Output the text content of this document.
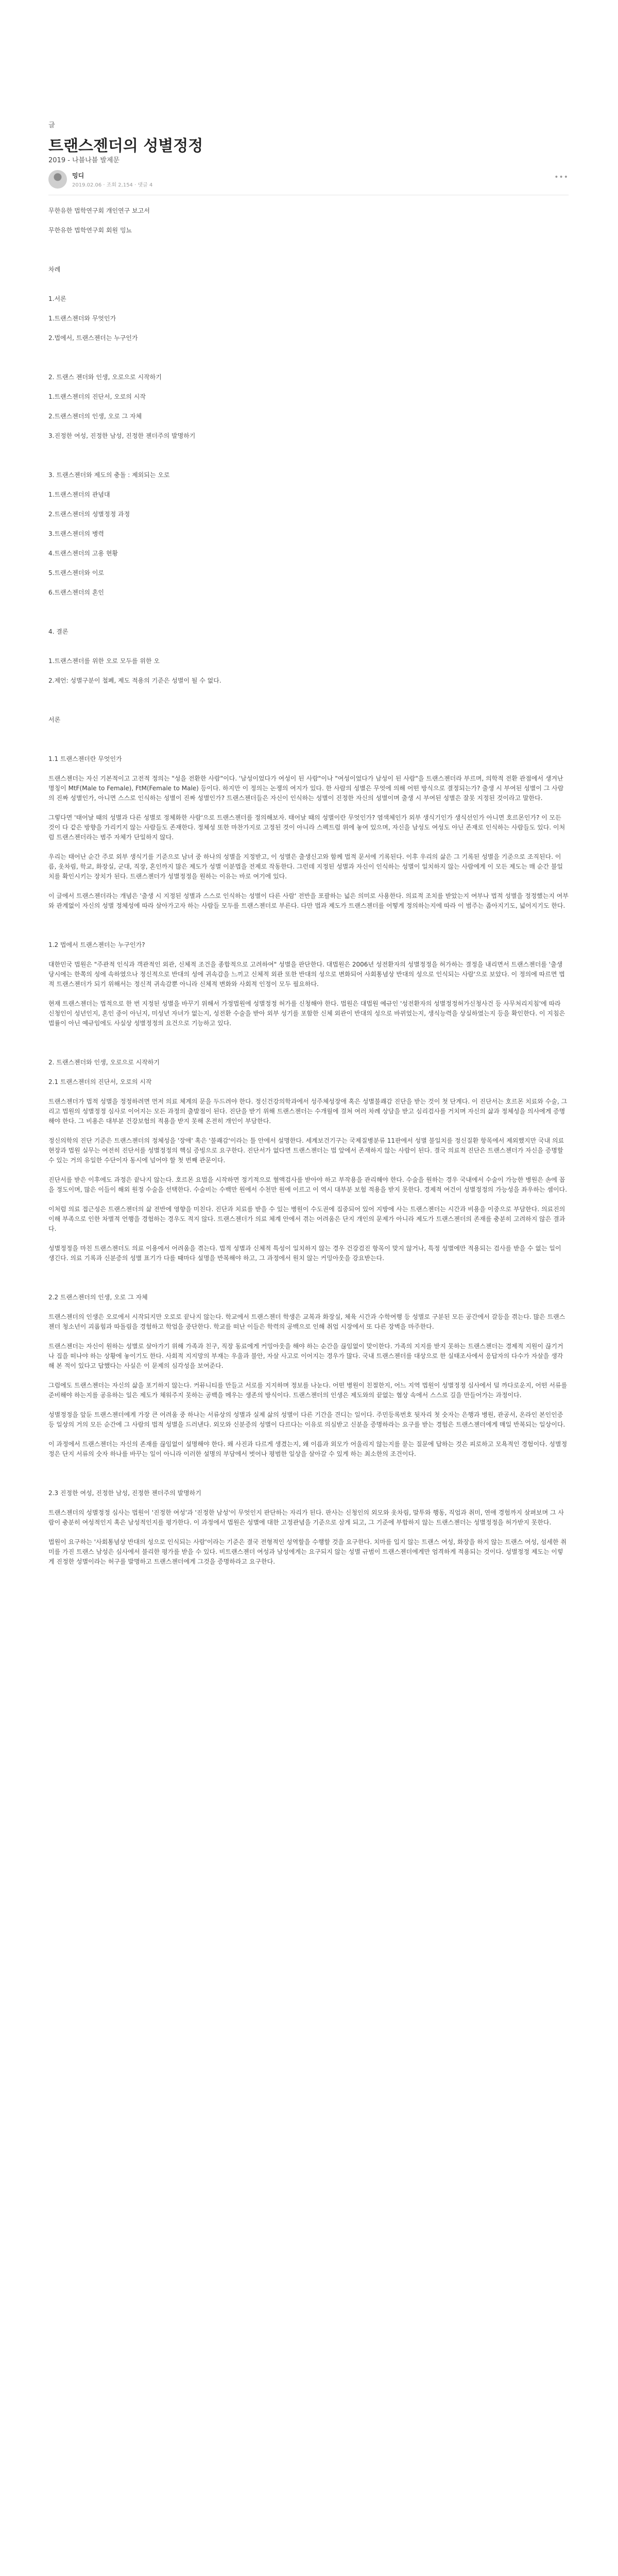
글
트랜스젠더의 성별정정
2019 - 나블나블 발제문
밍디
2019.02.06 · 조회 2,154 · 댓글 4
•••

무한유한 법학연구회 개인연구 보고서

무한유한 법학연구회 회원 밍뇨

차례

1.서론

1.트랜스젠더와 무엇인가

2.법에서, 트랜스젠더는 누구인가

2. 트랜스 젠더와 인생, 오로으로 시작하기

1.트랜스젠더의 진단서, 오로의 시작

2.트랜스젠더의 인생, 오로 그 자체

3.진정한 여성, 진정한 남성, 진정한 젠더주의 발명하기

3. 트랜스젠더와 제도의 충돌 : 제외되는 오로

1.트랜스젠더의 관념대

2.트랜스젠더의 성별정정 과정

3.트랜스젠더의 병력

4.트랜스젠더의 고용 현황

5.트랜스젠더와 이로

6.트랜스젠더의 혼인

4. 결론

1.트랜스젠더를 위한 오로 모두를 위한 오

2.제언: 성별구분이 철폐, 제도 적용의 기준은 성별이 될 수 없다.

서론

1.1 트랜스젠더란 무엇인가

트랜스젠더는 자신 기본적이고 고전적 정의는 "성을 전환한 사람"이다. '남성이었다가 여성이 된 사람"이나 "여성이었다가 남성이 된 사람"을 트랜스젠더라 부르며, 의학적 전환 관점에서 생겨난 명칭이 MtF(Male to Female), FtM(Female to Male) 등이다. 하지만 이 정의는 논쟁의 여지가 있다. 한 사람의 성별은 무엇에 의해 어떤 방식으로 결정되는가? 출생 시 부여된 성별이 그 사람의 진짜 성별인가, 아니면 스스로 인식하는 성별이 진짜 성별인가? 트랜스젠더들은 자신이 인식하는 성별이 진정한 자신의 성별이며 출생 시 부여된 성별은 잘못 지정된 것이라고 말한다.

그렇다면 '태어날 때의 성별과 다른 성별로 정체화한 사람'으로 트랜스젠더를 정의해보자. 태어날 때의 성별이란 무엇인가? 염색체인가 외부 생식기인가 생식선인가 아니면 호르몬인가? 이 모든 것이 다 같은 방향을 가리키지 않는 사람들도 존재한다. 정체성 또한 마찬가지로 고정된 것이 아니라 스펙트럼 위에 놓여 있으며, 자신을 남성도 여성도 아닌 존재로 인식하는 사람들도 있다. 이처럼 트랜스젠더라는 범주 자체가 단일하지 않다.

우리는 태어난 순간 주로 외부 생식기를 기준으로 남녀 중 하나의 성별을 지정받고, 이 성별은 출생신고와 함께 법적 문서에 기록된다. 이후 우리의 삶은 그 기록된 성별을 기준으로 조직된다. 이름, 옷차림, 학교, 화장실, 군대, 직장, 혼인까지 많은 제도가 성별 이분법을 전제로 작동한다. 그런데 지정된 성별과 자신이 인식하는 성별이 일치하지 않는 사람에게 이 모든 제도는 매 순간 불일치를 확인시키는 장치가 된다. 트랜스젠더가 성별정정을 원하는 이유는 바로 여기에 있다.

이 글에서 트랜스젠더라는 개념은 '출생 시 지정된 성별과 스스로 인식하는 성별이 다른 사람' 전반을 포괄하는 넓은 의미로 사용한다. 의료적 조치를 받았는지 여부나 법적 성별을 정정했는지 여부와 관계없이 자신의 성별 정체성에 따라 살아가고자 하는 사람들 모두를 트랜스젠더로 부른다. 다만 법과 제도가 트랜스젠더를 어떻게 정의하는지에 따라 이 범주는 좁아지기도, 넓어지기도 한다.

1.2 법에서 트랜스젠더는 누구인가?

대한민국 법원은 "주관적 인식과 객관적인 외관, 신체적 조건을 종합적으로 고려하여" 성별을 판단한다. 대법원은 2006년 성전환자의 성별정정을 허가하는 결정을 내리면서 트랜스젠더를 '출생 당시에는 한쪽의 성에 속하였으나 정신적으로 반대의 성에 귀속감을 느끼고 신체적 외관 또한 반대의 성으로 변화되어 사회통념상 반대의 성으로 인식되는 사람'으로 보았다. 이 정의에 따르면 법적 트랜스젠더가 되기 위해서는 정신적 귀속감뿐 아니라 신체적 변화와 사회적 인정이 모두 필요하다.

현재 트랜스젠더는 법적으로 한 번 지정된 성별을 바꾸기 위해서 가정법원에 성별정정 허가를 신청해야 한다. 법원은 대법원 예규인 '성전환자의 성별정정허가신청사건 등 사무처리지침'에 따라 신청인이 성년인지, 혼인 중이 아닌지, 미성년 자녀가 없는지, 성전환 수술을 받아 외부 성기를 포함한 신체 외관이 반대의 성으로 바뀌었는지, 생식능력을 상실하였는지 등을 확인한다. 이 지침은 법률이 아닌 예규임에도 사실상 성별정정의 요건으로 기능하고 있다.

2. 트랜스젠더와 인생, 오로으로 시작하기

2.1 트랜스젠더의 진단서, 오로의 시작

트랜스젠더가 법적 성별을 정정하려면 먼저 의료 체계의 문을 두드려야 한다. 정신건강의학과에서 성주체성장애 혹은 성별불쾌감 진단을 받는 것이 첫 단계다. 이 진단서는 호르몬 치료와 수술, 그리고 법원의 성별정정 심사로 이어지는 모든 과정의 출발점이 된다. 진단을 받기 위해 트랜스젠더는 수개월에 걸쳐 여러 차례 상담을 받고 심리검사를 거치며 자신의 삶과 정체성을 의사에게 증명해야 한다. 그 비용은 대부분 건강보험의 적용을 받지 못해 온전히 개인이 부담한다.

정신의학의 진단 기준은 트랜스젠더의 정체성을 '장애' 혹은 '불쾌감'이라는 틀 안에서 설명한다. 세계보건기구는 국제질병분류 11판에서 성별 불일치를 정신질환 항목에서 제외했지만 국내 의료 현장과 법원 실무는 여전히 진단서를 성별정정의 핵심 증빙으로 요구한다. 진단서가 없다면 트랜스젠더는 법 앞에서 존재하지 않는 사람이 된다. 결국 의료적 진단은 트랜스젠더가 자신을 증명할 수 있는 거의 유일한 수단이자 동시에 넘어야 할 첫 번째 관문이다.

진단서를 받은 이후에도 과정은 끝나지 않는다. 호르몬 요법을 시작하면 정기적으로 혈액검사를 받아야 하고 부작용을 관리해야 한다. 수술을 원하는 경우 국내에서 수술이 가능한 병원은 손에 꼽을 정도이며, 많은 이들이 해외 원정 수술을 선택한다. 수술비는 수백만 원에서 수천만 원에 이르고 이 역시 대부분 보험 적용을 받지 못한다. 경제적 여건이 성별정정의 가능성을 좌우하는 셈이다.

이처럼 의료 접근성은 트랜스젠더의 삶 전반에 영향을 미친다. 진단과 치료를 받을 수 있는 병원이 수도권에 집중되어 있어 지방에 사는 트랜스젠더는 시간과 비용을 이중으로 부담한다. 의료진의 이해 부족으로 인한 차별적 언행을 경험하는 경우도 적지 않다. 트랜스젠더가 의료 체계 안에서 겪는 어려움은 단지 개인의 문제가 아니라 제도가 트랜스젠더의 존재를 충분히 고려하지 않은 결과다.

성별정정을 마친 트랜스젠더도 의료 이용에서 어려움을 겪는다. 법적 성별과 신체적 특성이 일치하지 않는 경우 건강검진 항목이 맞지 않거나, 특정 성별에만 적용되는 검사를 받을 수 없는 일이 생긴다. 의료 기록과 신분증의 성별 표기가 다를 때마다 설명을 반복해야 하고, 그 과정에서 원치 않는 커밍아웃을 강요받는다.

2.2 트랜스젠더의 인생, 오로 그 자체

트랜스젠더의 인생은 오로에서 시작되지만 오로로 끝나지 않는다. 학교에서 트랜스젠더 학생은 교복과 화장실, 체육 시간과 수학여행 등 성별로 구분된 모든 공간에서 갈등을 겪는다. 많은 트랜스젠더 청소년이 괴롭힘과 따돌림을 경험하고 학업을 중단한다. 학교를 떠난 이들은 학력의 공백으로 인해 취업 시장에서 또 다른 장벽을 마주한다.

트랜스젠더는 자신이 원하는 성별로 살아가기 위해 가족과 친구, 직장 동료에게 커밍아웃을 해야 하는 순간을 끊임없이 맞이한다. 가족의 지지를 받지 못하는 트랜스젠더는 경제적 지원이 끊기거나 집을 떠나야 하는 상황에 놓이기도 한다. 사회적 지지망의 부재는 우울과 불안, 자살 사고로 이어지는 경우가 많다. 국내 트랜스젠더를 대상으로 한 실태조사에서 응답자의 다수가 자살을 생각해 본 적이 있다고 답했다는 사실은 이 문제의 심각성을 보여준다.

그럼에도 트랜스젠더는 자신의 삶을 포기하지 않는다. 커뮤니티를 만들고 서로를 지지하며 정보를 나눈다. 어떤 병원이 친절한지, 어느 지역 법원이 성별정정 심사에서 덜 까다로운지, 어떤 서류를 준비해야 하는지를 공유하는 일은 제도가 채워주지 못하는 공백을 메우는 생존의 방식이다. 트랜스젠더의 인생은 제도와의 끝없는 협상 속에서 스스로 길을 만들어가는 과정이다.

성별정정을 앞둔 트랜스젠더에게 가장 큰 어려움 중 하나는 서류상의 성별과 실제 삶의 성별이 다른 기간을 견디는 일이다. 주민등록번호 뒷자리 첫 숫자는 은행과 병원, 관공서, 온라인 본인인증 등 일상의 거의 모든 순간에 그 사람의 법적 성별을 드러낸다. 외모와 신분증의 성별이 다르다는 이유로 의심받고 신분을 증명하라는 요구를 받는 경험은 트랜스젠더에게 매일 반복되는 일상이다.

이 과정에서 트랜스젠더는 자신의 존재를 끊임없이 설명해야 한다. 왜 사진과 다르게 생겼는지, 왜 이름과 외모가 어울리지 않는지를 묻는 질문에 답하는 것은 피로하고 모욕적인 경험이다. 성별정정은 단지 서류의 숫자 하나를 바꾸는 일이 아니라 이러한 설명의 부담에서 벗어나 평범한 일상을 살아갈 수 있게 하는 최소한의 조건이다.

2.3 진정한 여성, 진정한 남성, 진정한 젠더주의 발명하기

트랜스젠더의 성별정정 심사는 법원이 '진정한 여성'과 '진정한 남성'이 무엇인지 판단하는 자리가 된다. 판사는 신청인의 외모와 옷차림, 말투와 행동, 직업과 취미, 연애 경험까지 살펴보며 그 사람이 충분히 여성적인지 혹은 남성적인지를 평가한다. 이 과정에서 법원은 성별에 대한 고정관념을 기준으로 삼게 되고, 그 기준에 부합하지 않는 트랜스젠더는 성별정정을 허가받지 못한다.

법원이 요구하는 '사회통념상 반대의 성으로 인식되는 사람'이라는 기준은 결국 전형적인 성역할을 수행할 것을 요구한다. 치마를 입지 않는 트랜스 여성, 화장을 하지 않는 트랜스 여성, 섬세한 취미를 가진 트랜스 남성은 심사에서 불리한 평가를 받을 수 있다. 비트랜스젠더 여성과 남성에게는 요구되지 않는 성별 규범이 트랜스젠더에게만 엄격하게 적용되는 것이다. 성별정정 제도는 이렇게 진정한 성별이라는 허구를 발명하고 트랜스젠더에게 그것을 증명하라고 요구한다.
